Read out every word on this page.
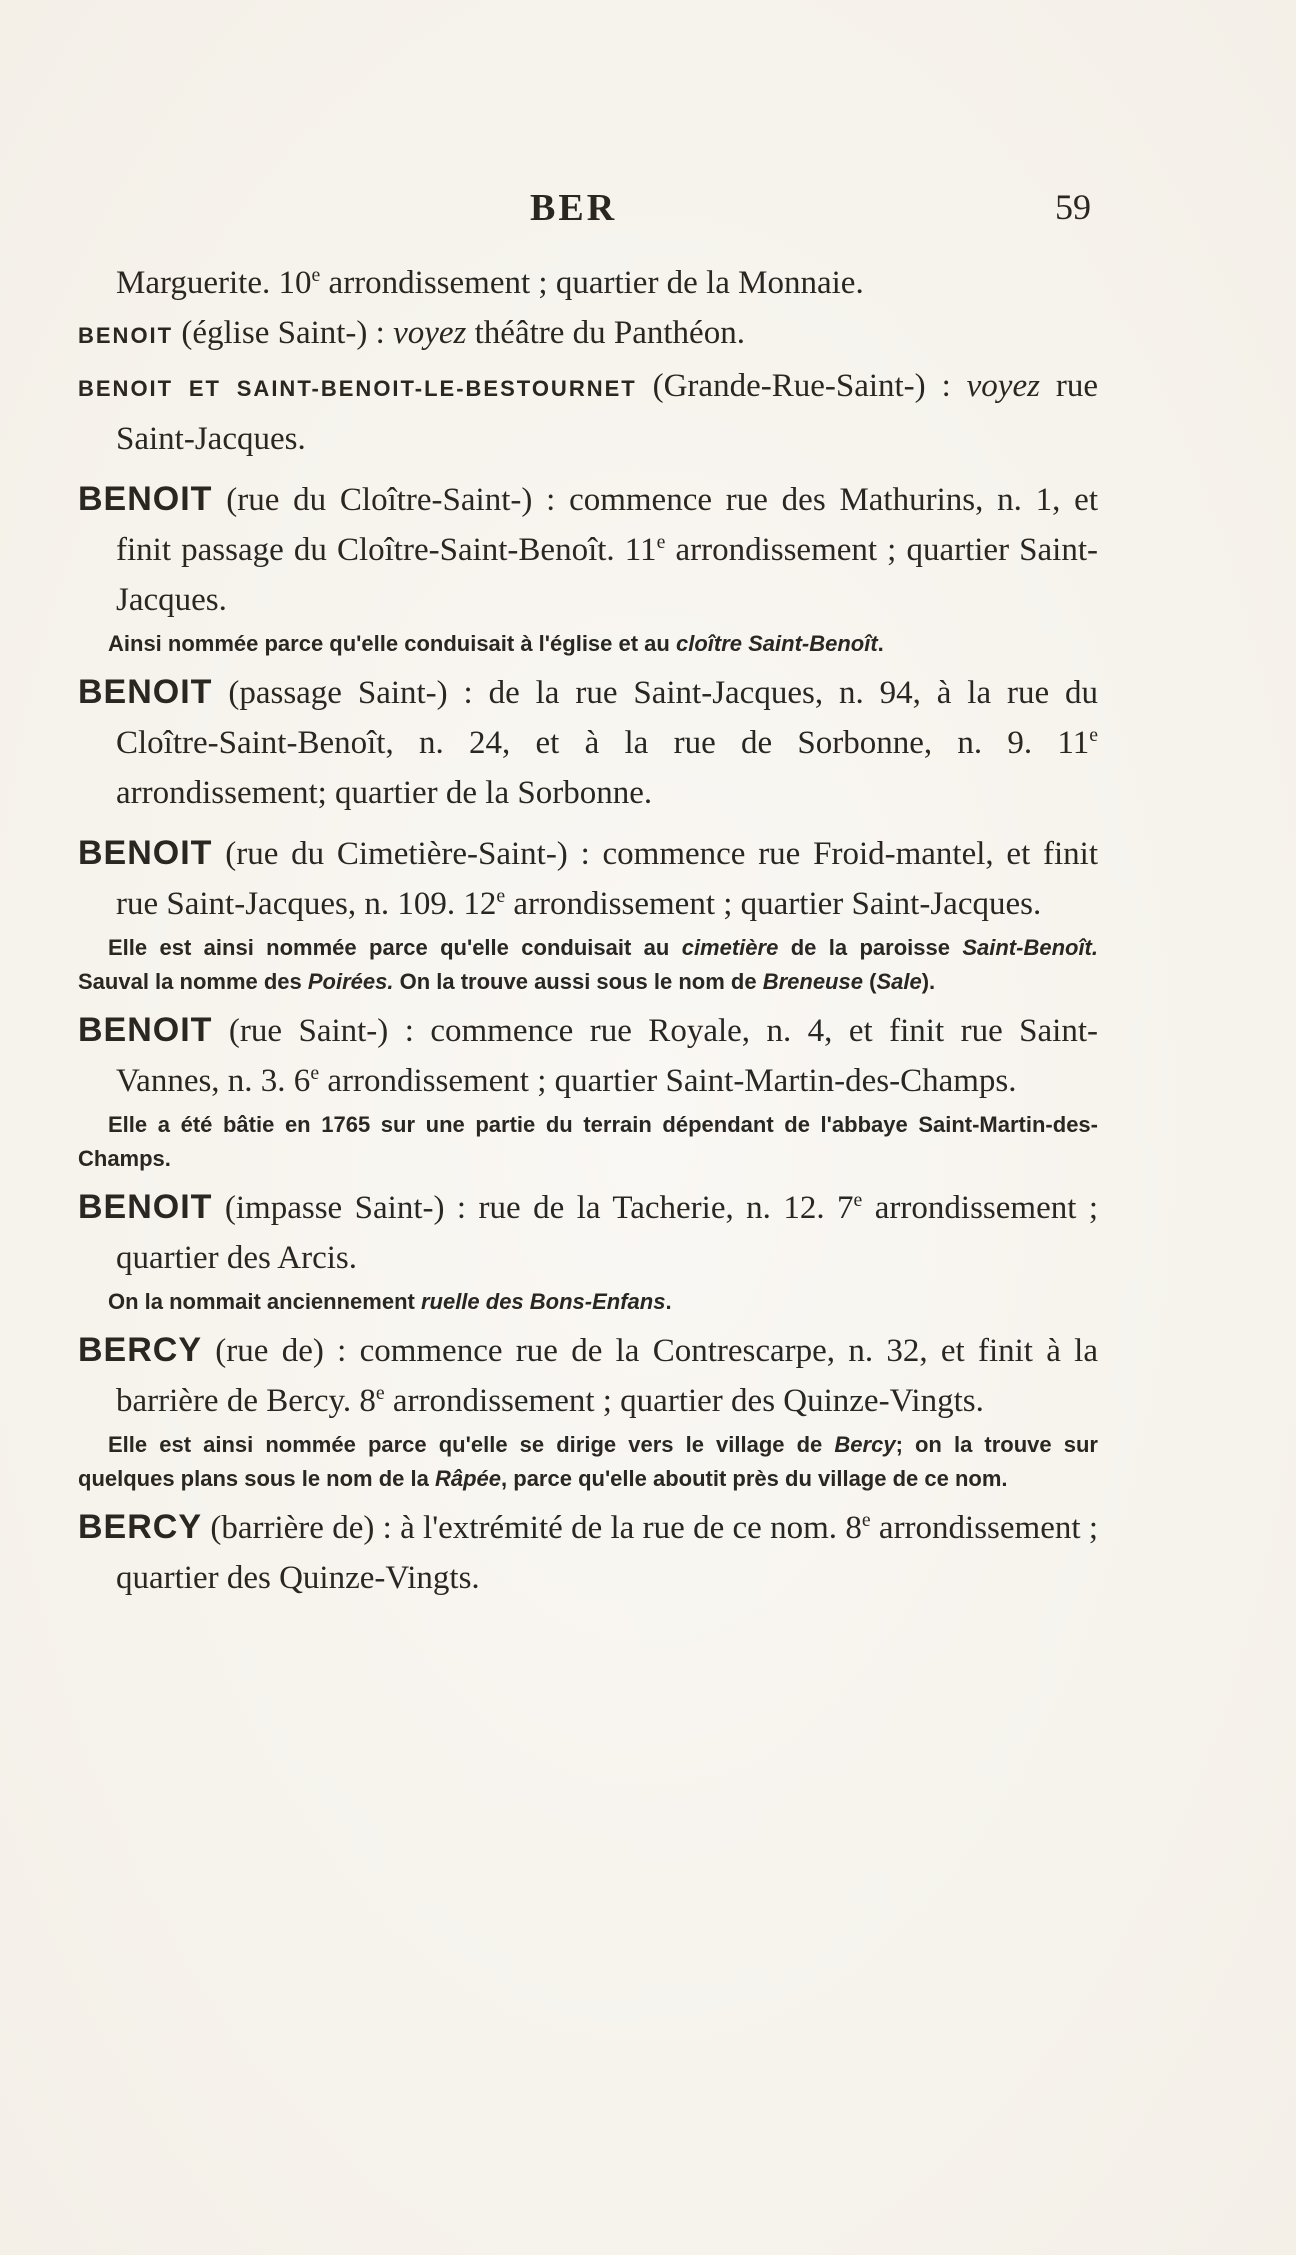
BER	59

Marguerite. 10e arrondissement ; quartier de la Monnaie.

BENOIT (église Saint-) : voyez théâtre du Panthéon.

BENOIT ET SAINT-BENOIT-LE-BESTOURNET (Grande-Rue-Saint-) : voyez rue Saint-Jacques.

BENOIT (rue du Cloître-Saint-) : commence rue des Mathurins, n. 1, et finit passage du Cloître-Saint-Benoît. 11e arrondissement ; quartier Saint-Jacques.

Ainsi nommée parce qu'elle conduisait à l'église et au cloître Saint-Benoît.

BENOIT (passage Saint-) : de la rue Saint-Jacques, n. 94, à la rue du Cloître-Saint-Benoît, n. 24, et à la rue de Sorbonne, n. 9. 11e arrondissement; quartier de la Sorbonne.

BENOIT (rue du Cimetière-Saint-) : commence rue Froid-mantel, et finit rue Saint-Jacques, n. 109. 12e arrondissement ; quartier Saint-Jacques.

Elle est ainsi nommée parce qu'elle conduisait au cimetière de la paroisse Saint-Benoît. Sauval la nomme des Poirées. On la trouve aussi sous le nom de Breneuse (Sale).

BENOIT (rue Saint-) : commence rue Royale, n. 4, et finit rue Saint-Vannes, n. 3. 6e arrondissement ; quartier Saint-Martin-des-Champs.

Elle a été bâtie en 1765 sur une partie du terrain dépendant de l'abbaye Saint-Martin-des-Champs.

BENOIT (impasse Saint-) : rue de la Tacherie, n. 12. 7e arrondissement ; quartier des Arcis.

On la nommait anciennement ruelle des Bons-Enfans.

BERCY (rue de) : commence rue de la Contrescarpe, n. 32, et finit à la barrière de Bercy. 8e arrondissement ; quartier des Quinze-Vingts.

Elle est ainsi nommée parce qu'elle se dirige vers le village de Bercy; on la trouve sur quelques plans sous le nom de la Râpée, parce qu'elle aboutit près du village de ce nom.

BERCY (barrière de) : à l'extrémité de la rue de ce nom. 8e arrondissement ; quartier des Quinze-Vingts.
